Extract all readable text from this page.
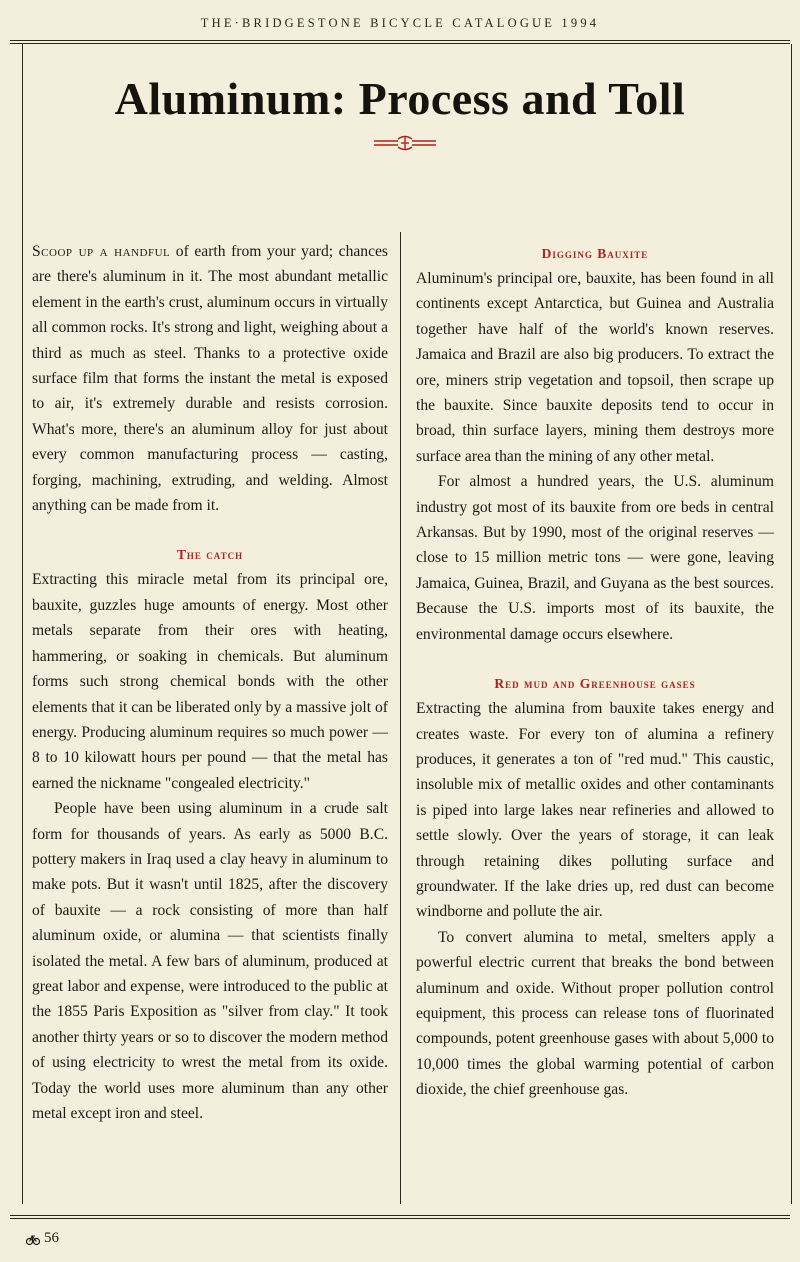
THE·BRIDGESTONE BICYCLE CATALOGUE 1994
Aluminum: Process and Toll

Scoop up a handful of earth from your yard; chances are there's aluminum in it. The most abundant metallic element in the earth's crust, aluminum occurs in virtually all common rocks. It's strong and light, weighing about a third as much as steel. Thanks to a protective oxide surface film that forms the instant the metal is exposed to air, it's extremely durable and resists corrosion. What's more, there's an aluminum alloy for just about every common manufacturing process — casting, forging, machining, extruding, and welding. Almost anything can be made from it.

The catch

Extracting this miracle metal from its principal ore, bauxite, guzzles huge amounts of energy. Most other metals separate from their ores with heating, hammering, or soaking in chemicals. But aluminum forms such strong chemical bonds with the other elements that it can be liberated only by a massive jolt of energy. Producing aluminum requires so much power — 8 to 10 kilowatt hours per pound — that the metal has earned the nickname "congealed electricity."

People have been using aluminum in a crude salt form for thousands of years. As early as 5000 B.C. pottery makers in Iraq used a clay heavy in aluminum to make pots. But it wasn't until 1825, after the discovery of bauxite — a rock consisting of more than half aluminum oxide, or alumina — that scientists finally isolated the metal. A few bars of aluminum, produced at great labor and expense, were introduced to the public at the 1855 Paris Exposition as "silver from clay." It took another thirty years or so to discover the modern method of using electricity to wrest the metal from its oxide. Today the world uses more aluminum than any other metal except iron and steel.

Digging Bauxite

Aluminum's principal ore, bauxite, has been found in all continents except Antarctica, but Guinea and Australia together have half of the world's known reserves. Jamaica and Brazil are also big producers. To extract the ore, miners strip vegetation and topsoil, then scrape up the bauxite. Since bauxite deposits tend to occur in broad, thin surface layers, mining them destroys more surface area than the mining of any other metal.

For almost a hundred years, the U.S. aluminum industry got most of its bauxite from ore beds in central Arkansas. But by 1990, most of the original reserves — close to 15 million metric tons — were gone, leaving Jamaica, Guinea, Brazil, and Guyana as the best sources. Because the U.S. imports most of its bauxite, the environmental damage occurs elsewhere.

Red mud and Greenhouse gases

Extracting the alumina from bauxite takes energy and creates waste. For every ton of alumina a refinery produces, it generates a ton of "red mud." This caustic, insoluble mix of metallic oxides and other contaminants is piped into large lakes near refineries and allowed to settle slowly. Over the years of storage, it can leak through retaining dikes polluting surface and groundwater. If the lake dries up, red dust can become windborne and pollute the air.

To convert alumina to metal, smelters apply a powerful electric current that breaks the bond between aluminum and oxide. Without proper pollution control equipment, this process can release tons of fluorinated compounds, potent greenhouse gases with about 5,000 to 10,000 times the global warming potential of carbon dioxide, the chief greenhouse gas.

56
